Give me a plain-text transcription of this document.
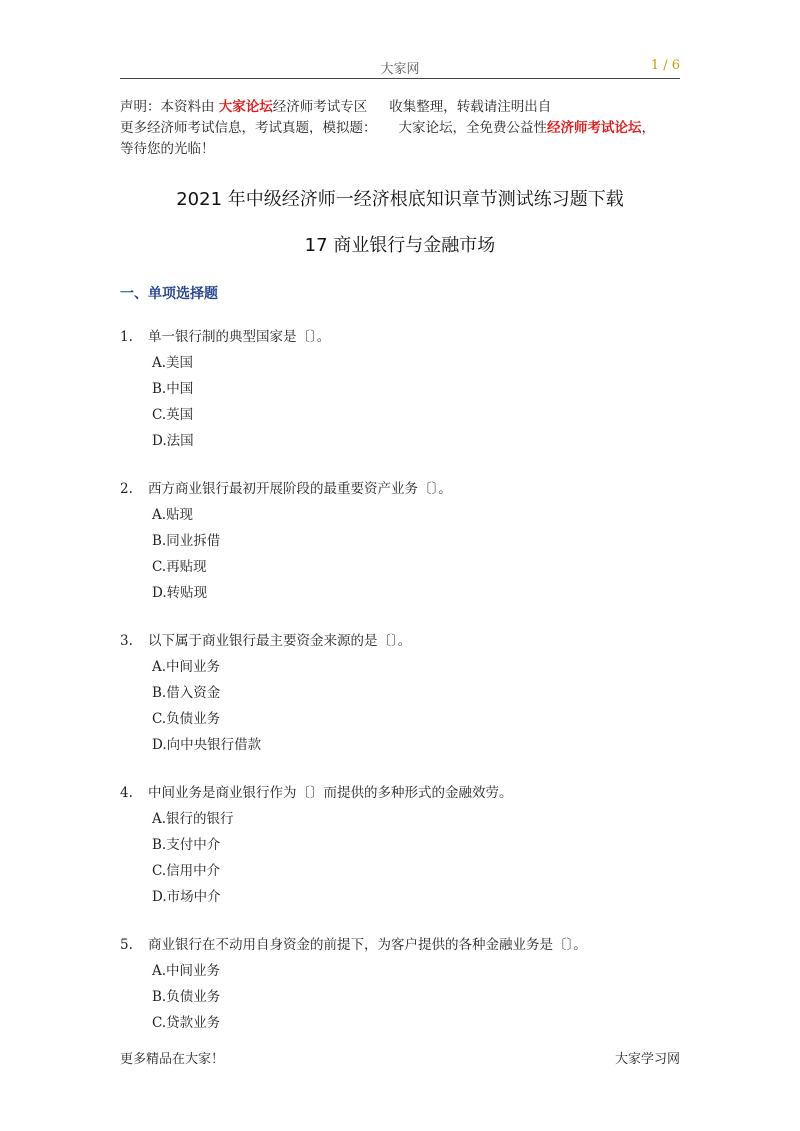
大家网	1 / 6
声明：本资料由 大家论坛经济师考试专区 收集整理，转载请注明出自
更多经济师考试信息，考试真题，模拟题： 大家论坛，全免费公益性经济师考试论坛，
等待您的光临！
2021 年中级经济师一经济根底知识章节测试练习题下载
17 商业银行与金融市场
一、单项选择题
1. 单一银行制的典型国家是〔〕。
A.美国
B.中国
C.英国
D.法国
2. 西方商业银行最初开展阶段的最重要资产业务〔〕。
A.贴现
B.同业拆借
C.再贴现
D.转贴现
3. 以下属于商业银行最主要资金来源的是〔〕。
A.中间业务
B.借入资金
C.负债业务
D.向中央银行借款
4. 中间业务是商业银行作为〔〕而提供的多种形式的金融效劳。
A.银行的银行
B.支付中介
C.信用中介
D.市场中介
5. 商业银行在不动用自身资金的前提下，为客户提供的各种金融业务是〔〕。
A.中间业务
B.负债业务
C.贷款业务
更多精品在大家！	大家学习网
